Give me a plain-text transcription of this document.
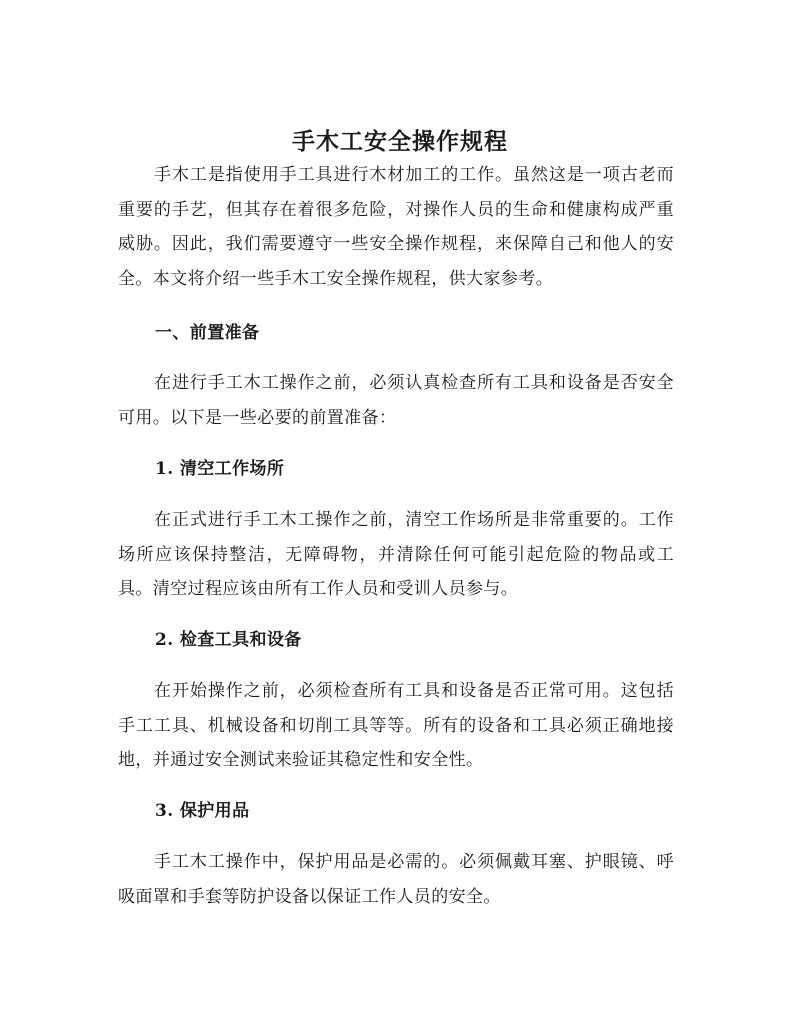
手木工安全操作规程
手木工是指使用手工具进行木材加工的工作。虽然这是一项古老而重要的手艺，但其存在着很多危险，对操作人员的生命和健康构成严重威胁。因此，我们需要遵守一些安全操作规程，来保障自己和他人的安全。本文将介绍一些手木工安全操作规程，供大家参考。
一、前置准备
在进行手工木工操作之前，必须认真检查所有工具和设备是否安全可用。以下是一些必要的前置准备：
1. 清空工作场所
在正式进行手工木工操作之前，清空工作场所是非常重要的。工作场所应该保持整洁，无障碍物，并清除任何可能引起危险的物品或工具。清空过程应该由所有工作人员和受训人员参与。
2. 检查工具和设备
在开始操作之前，必须检查所有工具和设备是否正常可用。这包括手工工具、机械设备和切削工具等等。所有的设备和工具必须正确地接地，并通过安全测试来验证其稳定性和安全性。
3. 保护用品
手工木工操作中，保护用品是必需的。必须佩戴耳塞、护眼镜、呼吸面罩和手套等防护设备以保证工作人员的安全。
